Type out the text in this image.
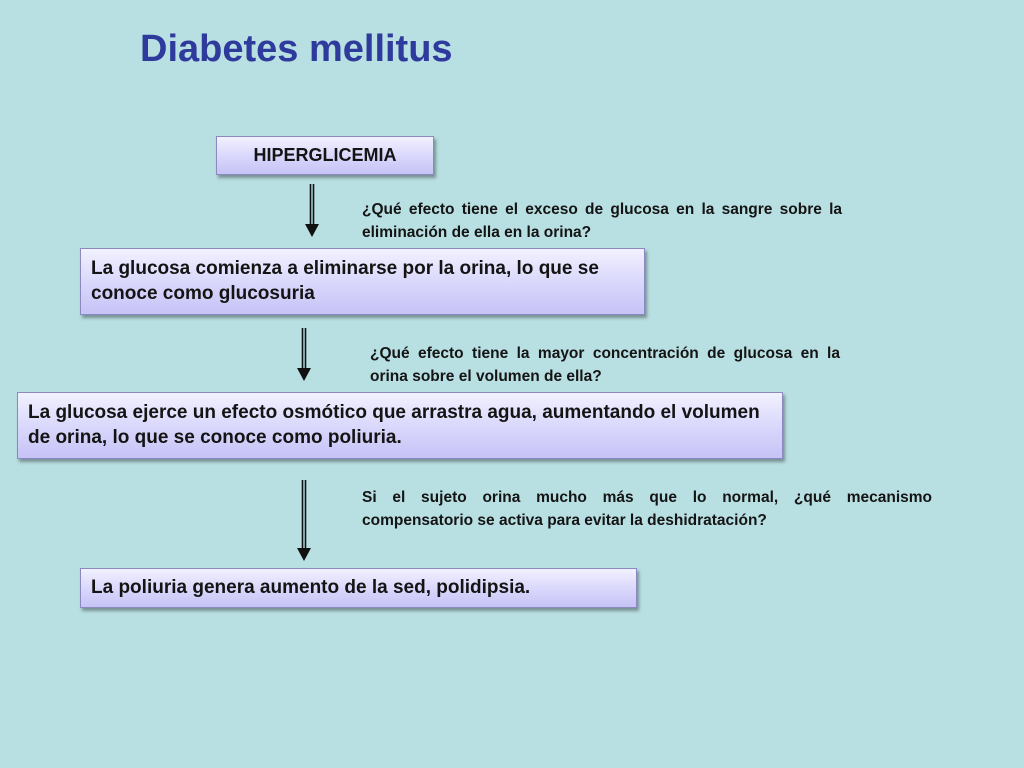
Diabetes mellitus
HIPERGLICEMIA

¿Qué efecto tiene el exceso de glucosa en la sangre sobre la eliminación de ella en la orina?

La glucosa comienza a eliminarse por la orina, lo que se conoce como glucosuria

¿Qué efecto tiene la mayor concentración de glucosa en la orina sobre el volumen de ella?

La glucosa ejerce un efecto osmótico que arrastra agua, aumentando el volumen de orina, lo que se conoce como poliuria.

Si el sujeto orina mucho más que lo normal, ¿qué mecanismo compensatorio se activa para evitar la deshidratación?

La poliuria genera aumento de la sed, polidipsia.
